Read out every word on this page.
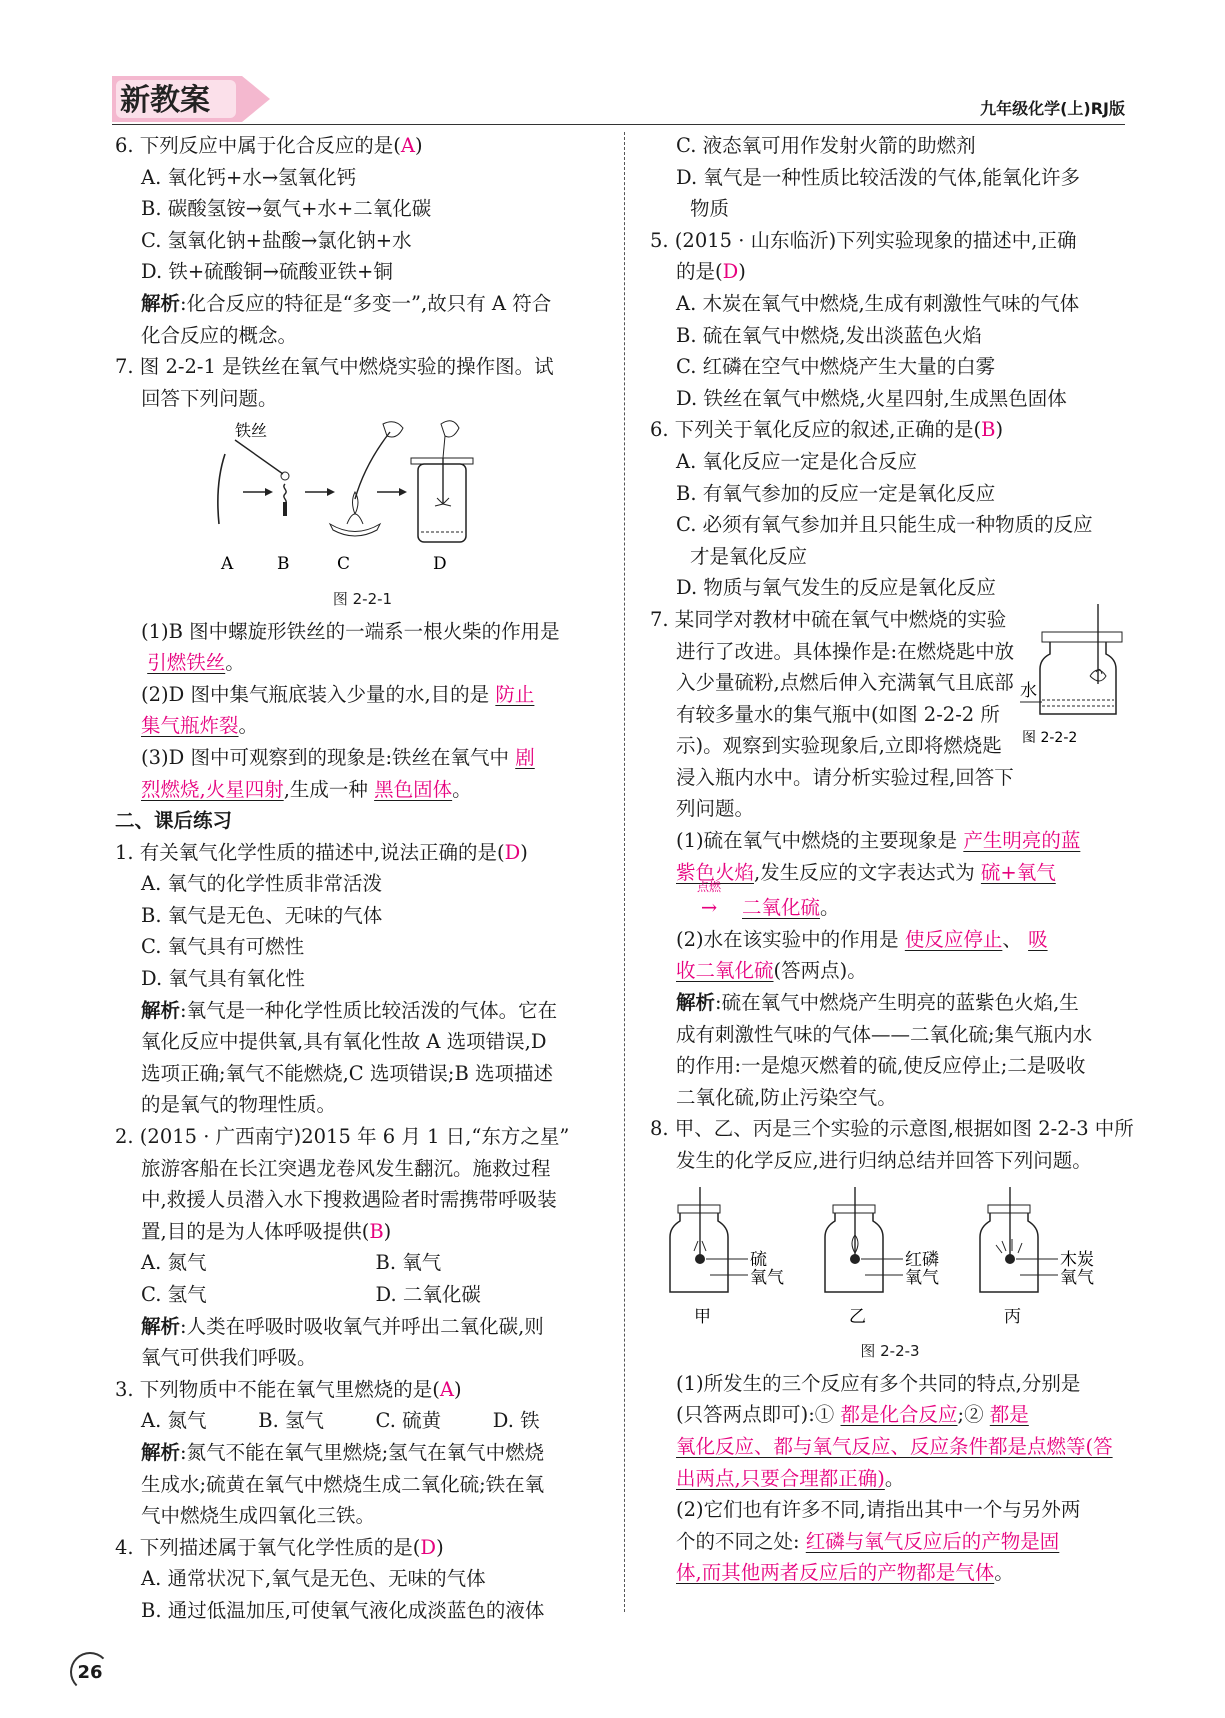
新教案	九年级化学(上)RJ版
6. 下列反应中属于化合反应的是(A)
A. 氧化钙+水→氢氧化钙
B. 碳酸氢铵→氨气+水+二氧化碳
C. 氢氧化钠+盐酸→氯化钠+水
D. 铁+硫酸铜→硫酸亚铁+铜
解析:化合反应的特征是“多变一”,故只有 A 符合
化合反应的概念。
7. 图 2-2-1 是铁丝在氧气中燃烧实验的操作图。试
回答下列问题。
铁丝
A	B	C	D
图 2-2-1
(1)B 图中螺旋形铁丝的一端系一根火柴的作用是
引燃铁丝。
(2)D 图中集气瓶底装入少量的水,目的是 防止
集气瓶炸裂。
(3)D 图中可观察到的现象是:铁丝在氧气中 剧
烈燃烧,火星四射,生成一种 黑色固体。
二、课后练习
1. 有关氧气化学性质的描述中,说法正确的是(D)
A. 氧气的化学性质非常活泼
B. 氧气是无色、无味的气体
C. 氧气具有可燃性
D. 氧气具有氧化性
解析:氧气是一种化学性质比较活泼的气体。它在
氧化反应中提供氧,具有氧化性故 A 选项错误,D
选项正确;氧气不能燃烧,C 选项错误;B 选项描述
的是氧气的物理性质。
2. (2015 · 广西南宁)2015 年 6 月 1 日,“东方之星”
旅游客船在长江突遇龙卷风发生翻沉。施救过程
中,救援人员潜入水下搜救遇险者时需携带呼吸装
置,目的是为人体呼吸提供(B)
A. 氮气	B. 氧气
C. 氢气	D. 二氧化碳
解析:人类在呼吸时吸收氧气并呼出二氧化碳,则
氧气可供我们呼吸。
3. 下列物质中不能在氧气里燃烧的是(A)
A. 氮气	B. 氢气	C. 硫黄	D. 铁
解析:氮气不能在氧气里燃烧;氢气在氧气中燃烧
生成水;硫黄在氧气中燃烧生成二氧化硫;铁在氧
气中燃烧生成四氧化三铁。
4. 下列描述属于氧气化学性质的是(D)
A. 通常状况下,氧气是无色、无味的气体
B. 通过低温加压,可使氧气液化成淡蓝色的液体
C. 液态氧可用作发射火箭的助燃剂
D. 氧气是一种性质比较活泼的气体,能氧化许多
物质
5. (2015 · 山东临沂)下列实验现象的描述中,正确
的是(D)
A. 木炭在氧气中燃烧,生成有刺激性气味的气体
B. 硫在氧气中燃烧,发出淡蓝色火焰
C. 红磷在空气中燃烧产生大量的白雾
D. 铁丝在氧气中燃烧,火星四射,生成黑色固体
6. 下列关于氧化反应的叙述,正确的是(B)
A. 氧化反应一定是化合反应
B. 有氧气参加的反应一定是氧化反应
C. 必须有氧气参加并且只能生成一种物质的反应
才是氧化反应
D. 物质与氧气发生的反应是氧化反应
7. 某同学对教材中硫在氧气中燃烧的实验
进行了改进。具体操作是:在燃烧匙中放
入少量硫粉,点燃后伸入充满氧气且底部
有较多量水的集气瓶中(如图 2-2-2 所
示)。观察到实验现象后,立即将燃烧匙
浸入瓶内水中。请分析实验过程,回答下
列问题。
水
图 2-2-2
(1)硫在氧气中燃烧的主要现象是 产生明亮的蓝
紫色火焰,发生反应的文字表达式为 硫+氧气
点燃
→ 二氧化硫。
(2)水在该实验中的作用是 使反应停止、 吸
收二氧化硫(答两点)。
解析:硫在氧气中燃烧产生明亮的蓝紫色火焰,生
成有刺激性气味的气体——二氧化硫;集气瓶内水
的作用:一是熄灭燃着的硫,使反应停止;二是吸收
二氧化硫,防止污染空气。
8. 甲、乙、丙是三个实验的示意图,根据如图 2-2-3 中所
发生的化学反应,进行归纳总结并回答下列问题。
硫
氧气
甲
红磷
氧气
乙
木炭
氧气
丙
图 2-2-3
(1)所发生的三个反应有多个共同的特点,分别是
(只答两点即可):① 都是化合反应;② 都是
氧化反应、都与氧气反应、反应条件都是点燃等(答
出两点,只要合理都正确)。
(2)它们也有许多不同,请指出其中一个与另外两
个的不同之处: 红磷与氧气反应后的产物是固
体,而其他两者反应后的产物都是气体。
26
